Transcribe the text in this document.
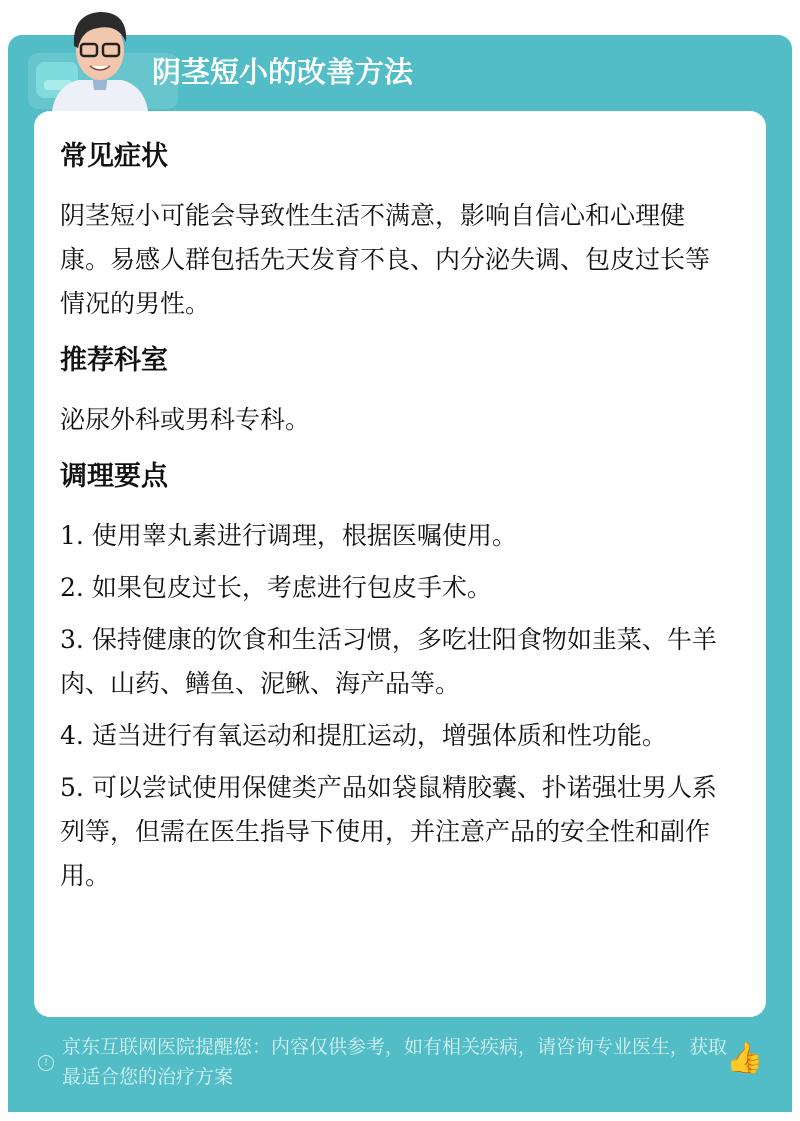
阴茎短小的改善方法
常见症状
阴茎短小可能会导致性生活不满意，影响自信心和心理健康。易感人群包括先天发育不良、内分泌失调、包皮过长等情况的男性。
推荐科室
泌尿外科或男科专科。
调理要点
1. 使用睾丸素进行调理，根据医嘱使用。
2. 如果包皮过长，考虑进行包皮手术。
3. 保持健康的饮食和生活习惯，多吃壮阳食物如韭菜、牛羊肉、山药、鳝鱼、泥鳅、海产品等。
4. 适当进行有氧运动和提肛运动，增强体质和性功能。
5. 可以尝试使用保健类产品如袋鼠精胶囊、扑诺强壮男人系列等，但需在医生指导下使用，并注意产品的安全性和副作用。
!
京东互联网医院提醒您：内容仅供参考，如有相关疾病，请咨询专业医生，获取最适合您的治疗方案
👍
